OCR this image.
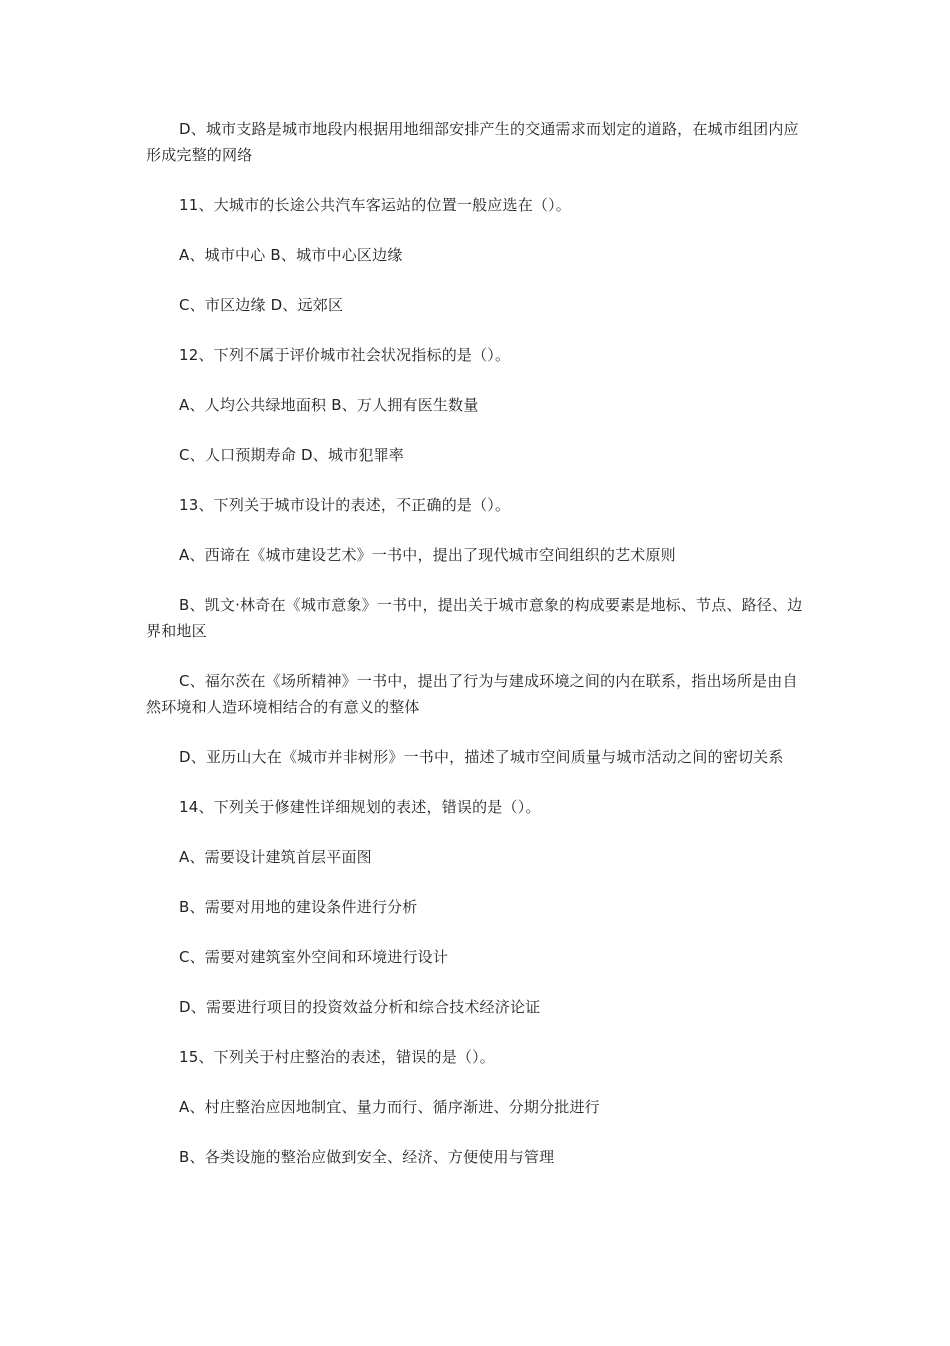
D、城市支路是城市地段内根据用地细部安排产生的交通需求而划定的道路，在城市组团内应形成完整的网络

11、大城市的长途公共汽车客运站的位置一般应选在（）。

A、城市中心 B、城市中心区边缘

C、市区边缘 D、远郊区

12、下列不属于评价城市社会状况指标的是（）。

A、人均公共绿地面积 B、万人拥有医生数量

C、人口预期寿命 D、城市犯罪率

13、下列关于城市设计的表述，不正确的是（）。

A、西谛在《城市建设艺术》一书中，提出了现代城市空间组织的艺术原则

B、凯文·林奇在《城市意象》一书中，提出关于城市意象的构成要素是地标、节点、路径、边界和地区

C、福尔茨在《场所精神》一书中，提出了行为与建成环境之间的内在联系，指出场所是由自然环境和人造环境相结合的有意义的整体

D、亚历山大在《城市并非树形》一书中，描述了城市空间质量与城市活动之间的密切关系

14、下列关于修建性详细规划的表述，错误的是（）。

A、需要设计建筑首层平面图

B、需要对用地的建设条件进行分析

C、需要对建筑室外空间和环境进行设计

D、需要进行项目的投资效益分析和综合技术经济论证

15、下列关于村庄整治的表述，错误的是（）。

A、村庄整治应因地制宜、量力而行、循序渐进、分期分批进行

B、各类设施的整治应做到安全、经济、方便使用与管理
